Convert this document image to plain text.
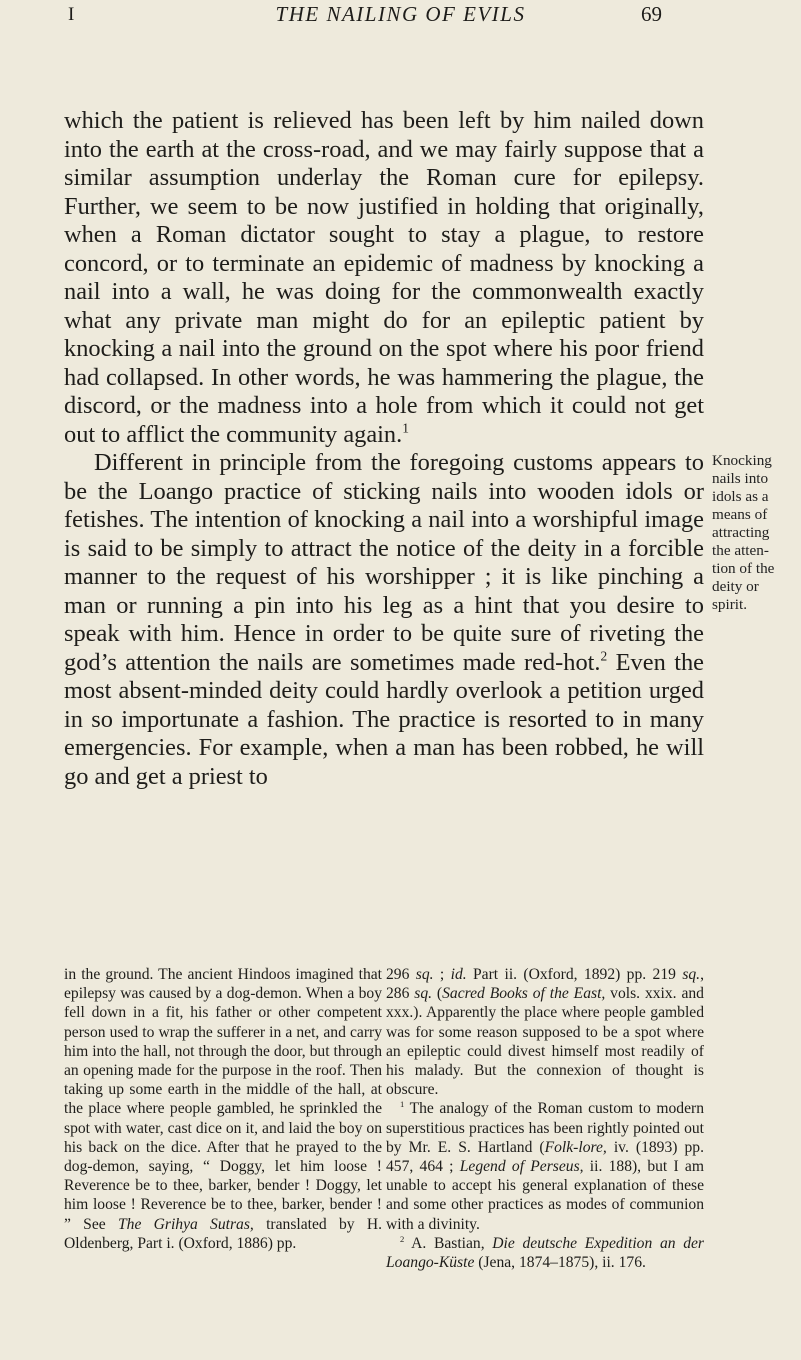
I	THE NAILING OF EVILS	69

which the patient is relieved has been left by him nailed down into the earth at the cross-road, and we may fairly suppose that a similar assumption underlay the Roman cure for epilepsy. Further, we seem to be now justified in holding that originally, when a Roman dictator sought to stay a plague, to restore concord, or to terminate an epidemic of madness by knocking a nail into a wall, he was doing for the commonwealth exactly what any private man might do for an epileptic patient by knocking a nail into the ground on the spot where his poor friend had collapsed. In other words, he was hammering the plague, the discord, or the madness into a hole from which it could not get out to afflict the community again.$^1$

Different in principle from the foregoing customs appears to be the Loango practice of sticking nails into wooden idols or fetishes. The intention of knocking a nail into a worshipful image is said to be simply to attract the notice of the deity in a forcible manner to the request of his worshipper ; it is like pinching a man or running a pin into his leg as a hint that you desire to speak with him. Hence in order to be quite sure of riveting the god’s attention the nails are sometimes made red-hot.$^2$ Even the most absent-minded deity could hardly overlook a petition urged in so importunate a fashion. The practice is resorted to in many emergencies. For example, when a man has been robbed, he will go and get a priest to

Knocking
nails into
idols as a
means of
attracting
the atten-
tion of the
deity or
spirit.

in the ground. The ancient Hindoos imagined that epilepsy was caused by a dog-demon. When a boy fell down in a fit, his father or other competent person used to wrap the sufferer in a net, and carry him into the hall, not through the door, but through an opening made for the purpose in the roof. Then taking up some earth in the middle of the hall, at the place where people gambled, he sprinkled the spot with water, cast dice on it, and laid the boy on his back on the dice. After that he prayed to the dog-demon, saying, “ Doggy, let him loose ! Reverence be to thee, barker, bender ! Doggy, let him loose ! Reverence be to thee, barker, bender ! ” See The Grihya Sutras, translated by H. Oldenberg, Part i. (Oxford, 1886) pp.

296 sq. ; id. Part ii. (Oxford, 1892) pp. 219 sq., 286 sq. (Sacred Books of the East, vols. xxix. and xxx.). Apparently the place where people gambled was for some reason supposed to be a spot where an epileptic could divest himself most readily of his malady. But the connexion of thought is obscure.

$^1$ The analogy of the Roman custom to modern superstitious practices has been rightly pointed out by Mr. E. S. Hartland (Folk-lore, iv. (1893) pp. 457, 464 ; Legend of Perseus, ii. 188), but I am unable to accept his general explanation of these and some other practices as modes of communion with a divinity.

$^2$ A. Bastian, Die deutsche Expedition an der Loango-Küste (Jena, 1874–1875), ii. 176.
